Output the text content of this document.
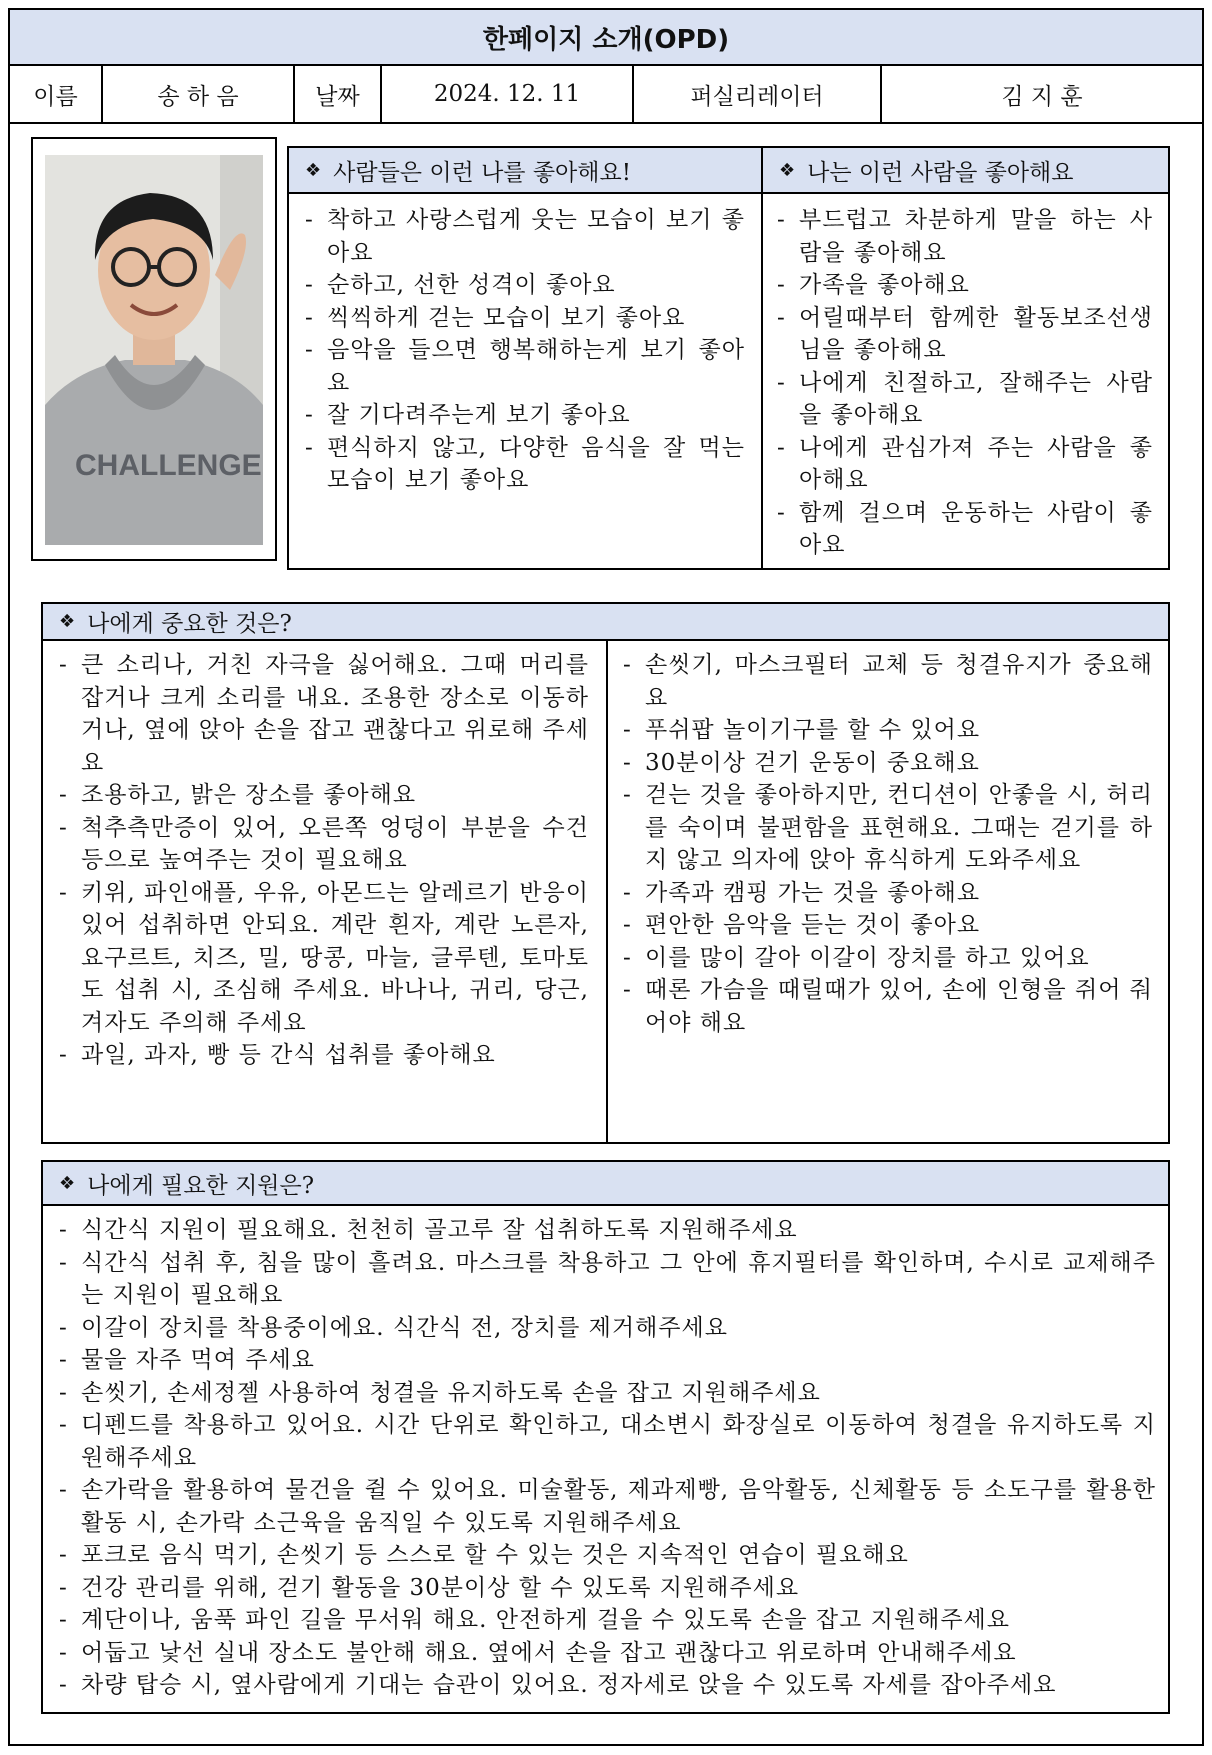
한페이지 소개(OPD)
이름	송 하 음	날짜	2024. 12. 11	퍼실리레이터	김 지 훈
CHALLENGE
❖ 사람들은 이런 나를 좋아해요!
- 착하고 사랑스럽게 웃는 모습이 보기 좋아요
- 순하고, 선한 성격이 좋아요
- 씩씩하게 걷는 모습이 보기 좋아요
- 음악을 들으면 행복해하는게 보기 좋아요
- 잘 기다려주는게 보기 좋아요
- 편식하지 않고, 다양한 음식을 잘 먹는 모습이 보기 좋아요
❖ 나는 이런 사람을 좋아해요
- 부드럽고 차분하게 말을 하는 사람을 좋아해요
- 가족을 좋아해요
- 어릴때부터 함께한 활동보조선생님을 좋아해요
- 나에게 친절하고, 잘해주는 사람을 좋아해요
- 나에게 관심가져 주는 사람을 좋아해요
- 함께 걸으며 운동하는 사람이 좋아요
❖ 나에게 중요한 것은?
- 큰 소리나, 거친 자극을 싫어해요. 그때 머리를 잡거나 크게 소리를 내요. 조용한 장소로 이동하거나, 옆에 앉아 손을 잡고 괜찮다고 위로해 주세요
- 조용하고, 밝은 장소를 좋아해요
- 척추측만증이 있어, 오른쪽 엉덩이 부분을 수건 등으로 높여주는 것이 필요해요
- 키위, 파인애플, 우유, 아몬드는 알레르기 반응이 있어 섭취하면 안되요. 계란 흰자, 계란 노른자, 요구르트, 치즈, 밀, 땅콩, 마늘, 글루텐, 토마토도 섭취 시, 조심해 주세요. 바나나, 귀리, 당근, 겨자도 주의해 주세요
- 과일, 과자, 빵 등 간식 섭취를 좋아해요
- 손씻기, 마스크필터 교체 등 청결유지가 중요해요
- 푸쉬팝 놀이기구를 할 수 있어요
- 30분이상 걷기 운동이 중요해요
- 걷는 것을 좋아하지만, 컨디션이 안좋을 시, 허리를 숙이며 불편함을 표현해요. 그때는 걷기를 하지 않고 의자에 앉아 휴식하게 도와주세요
- 가족과 캠핑 가는 것을 좋아해요
- 편안한 음악을 듣는 것이 좋아요
- 이를 많이 갈아 이갈이 장치를 하고 있어요
- 때론 가슴을 때릴때가 있어, 손에 인형을 쥐어 줘어야 해요
❖ 나에게 필요한 지원은?
- 식간식 지원이 필요해요. 천천히 골고루 잘 섭취하도록 지원해주세요
- 식간식 섭취 후, 침을 많이 흘려요. 마스크를 착용하고 그 안에 휴지필터를 확인하며, 수시로 교제해주는 지원이 필요해요
- 이갈이 장치를 착용중이에요. 식간식 전, 장치를 제거해주세요
- 물을 자주 먹여 주세요
- 손씻기, 손세정젤 사용하여 청결을 유지하도록 손을 잡고 지원해주세요
- 디펜드를 착용하고 있어요. 시간 단위로 확인하고, 대소변시 화장실로 이동하여 청결을 유지하도록 지원해주세요
- 손가락을 활용하여 물건을 쥘 수 있어요. 미술활동, 제과제빵, 음악활동, 신체활동 등 소도구를 활용한 활동 시, 손가락 소근육을 움직일 수 있도록 지원해주세요
- 포크로 음식 먹기, 손씻기 등 스스로 할 수 있는 것은 지속적인 연습이 필요해요
- 건강 관리를 위해, 걷기 활동을 30분이상 할 수 있도록 지원해주세요
- 계단이나, 움푹 파인 길을 무서워 해요. 안전하게 걸을 수 있도록 손을 잡고 지원해주세요
- 어둡고 낯선 실내 장소도 불안해 해요. 옆에서 손을 잡고 괜찮다고 위로하며 안내해주세요
- 차량 탑승 시, 옆사람에게 기대는 습관이 있어요. 정자세로 앉을 수 있도록 자세를 잡아주세요
